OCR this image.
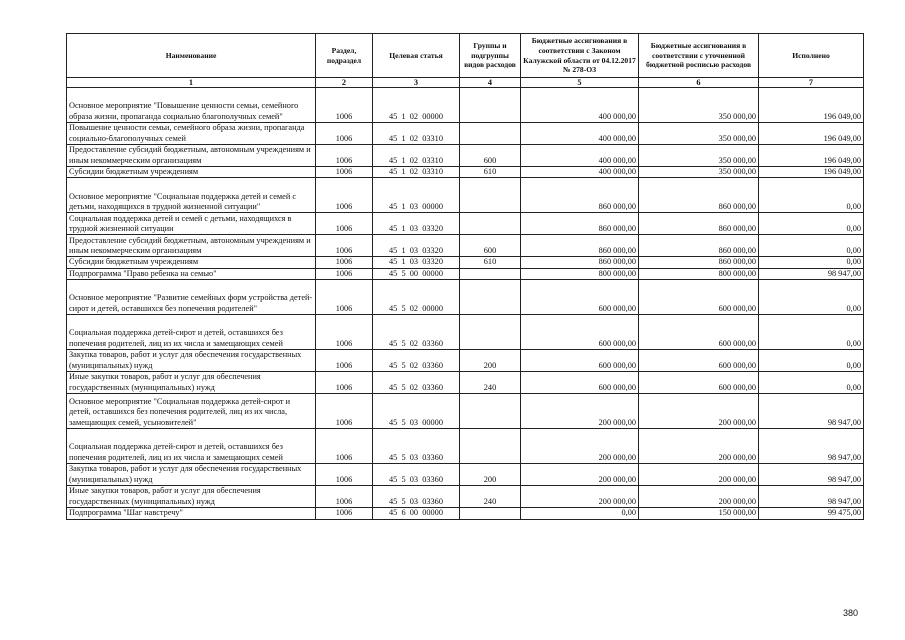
Наименование	Раздел, подраздел	Целевая статья	Группы и подгруппы видов расходов	Бюджетные ассигнования в соответствии с Законом Калужской области от 04.12.2017 № 278-ОЗ	Бюджетные ассигнования в соответствии с уточненной бюджетной росписью расходов	Исполнено
1	2	3	4	5	6	7
Основное мероприятие "Повышение ценности семьи, семейного образа жизни, пропаганда социально благополучных семей"	1006	45  1  02  00000		400 000,00	350 000,00	196 049,00
Повышение ценности семьи, семейного образа жизни, пропаганда социально-благополучных семей	1006	45  1  02  03310		400 000,00	350 000,00	196 049,00
Предоставление субсидий бюджетным, автономным учреждениям и иным некоммерческим организациям	1006	45  1  02  03310	600	400 000,00	350 000,00	196 049,00
Субсидии бюджетным учреждениям	1006	45  1  02  03310	610	400 000,00	350 000,00	196 049,00
Основное мероприятие "Социальная поддержка детей и семей с детьми, находящихся в трудной жизненной ситуации"	1006	45  1  03  00000		860 000,00	860 000,00	0,00
Социальная поддержка детей и семей с детьми, находящихся в трудной жизненной ситуации	1006	45  1  03  03320		860 000,00	860 000,00	0,00
Предоставление субсидий бюджетным, автономным учреждениям и иным некоммерческим организациям	1006	45  1  03  03320	600	860 000,00	860 000,00	0,00
Субсидии бюджетным учреждениям	1006	45  1  03  03320	610	860 000,00	860 000,00	0,00
Подпрограмма "Право ребенка на семью"	1006	45  5  00  00000		800 000,00	800 000,00	98 947,00
Основное мероприятие "Развитие семейных форм устройства детей-сирот и детей, оставшихся без попечения родителей"	1006	45  5  02  00000		600 000,00	600 000,00	0,00
Социальная поддержка детей-сирот и детей, оставшихся без попечения родителей, лиц из их числа и замещающих семей	1006	45  5  02  03360		600 000,00	600 000,00	0,00
Закупка товаров, работ и услуг для обеспечения государственных (муниципальных) нужд	1006	45  5  02  03360	200	600 000,00	600 000,00	0,00
Иные закупки товаров, работ и услуг для обеспечения государственных (муниципальных) нужд	1006	45  5  02  03360	240	600 000,00	600 000,00	0,00
Основное мероприятие "Социальная поддержка детей-сирот и детей, оставшихся без попечения родителей, лиц из их числа, замещающих семей, усыновителей"	1006	45  5  03  00000		200 000,00	200 000,00	98 947,00
Социальная поддержка детей-сирот и детей, оставшихся без попечения родителей, лиц из их числа и замещающих семей	1006	45  5  03  03360		200 000,00	200 000,00	98 947,00
Закупка товаров, работ и услуг для обеспечения государственных (муниципальных) нужд	1006	45  5  03  03360	200	200 000,00	200 000,00	98 947,00
Иные закупки товаров, работ и услуг для обеспечения государственных (муниципальных) нужд	1006	45  5  03  03360	240	200 000,00	200 000,00	98 947,00
Подпрограмма "Шаг навстречу"	1006	45  6  00  00000		0,00	150 000,00	99 475,00
380
